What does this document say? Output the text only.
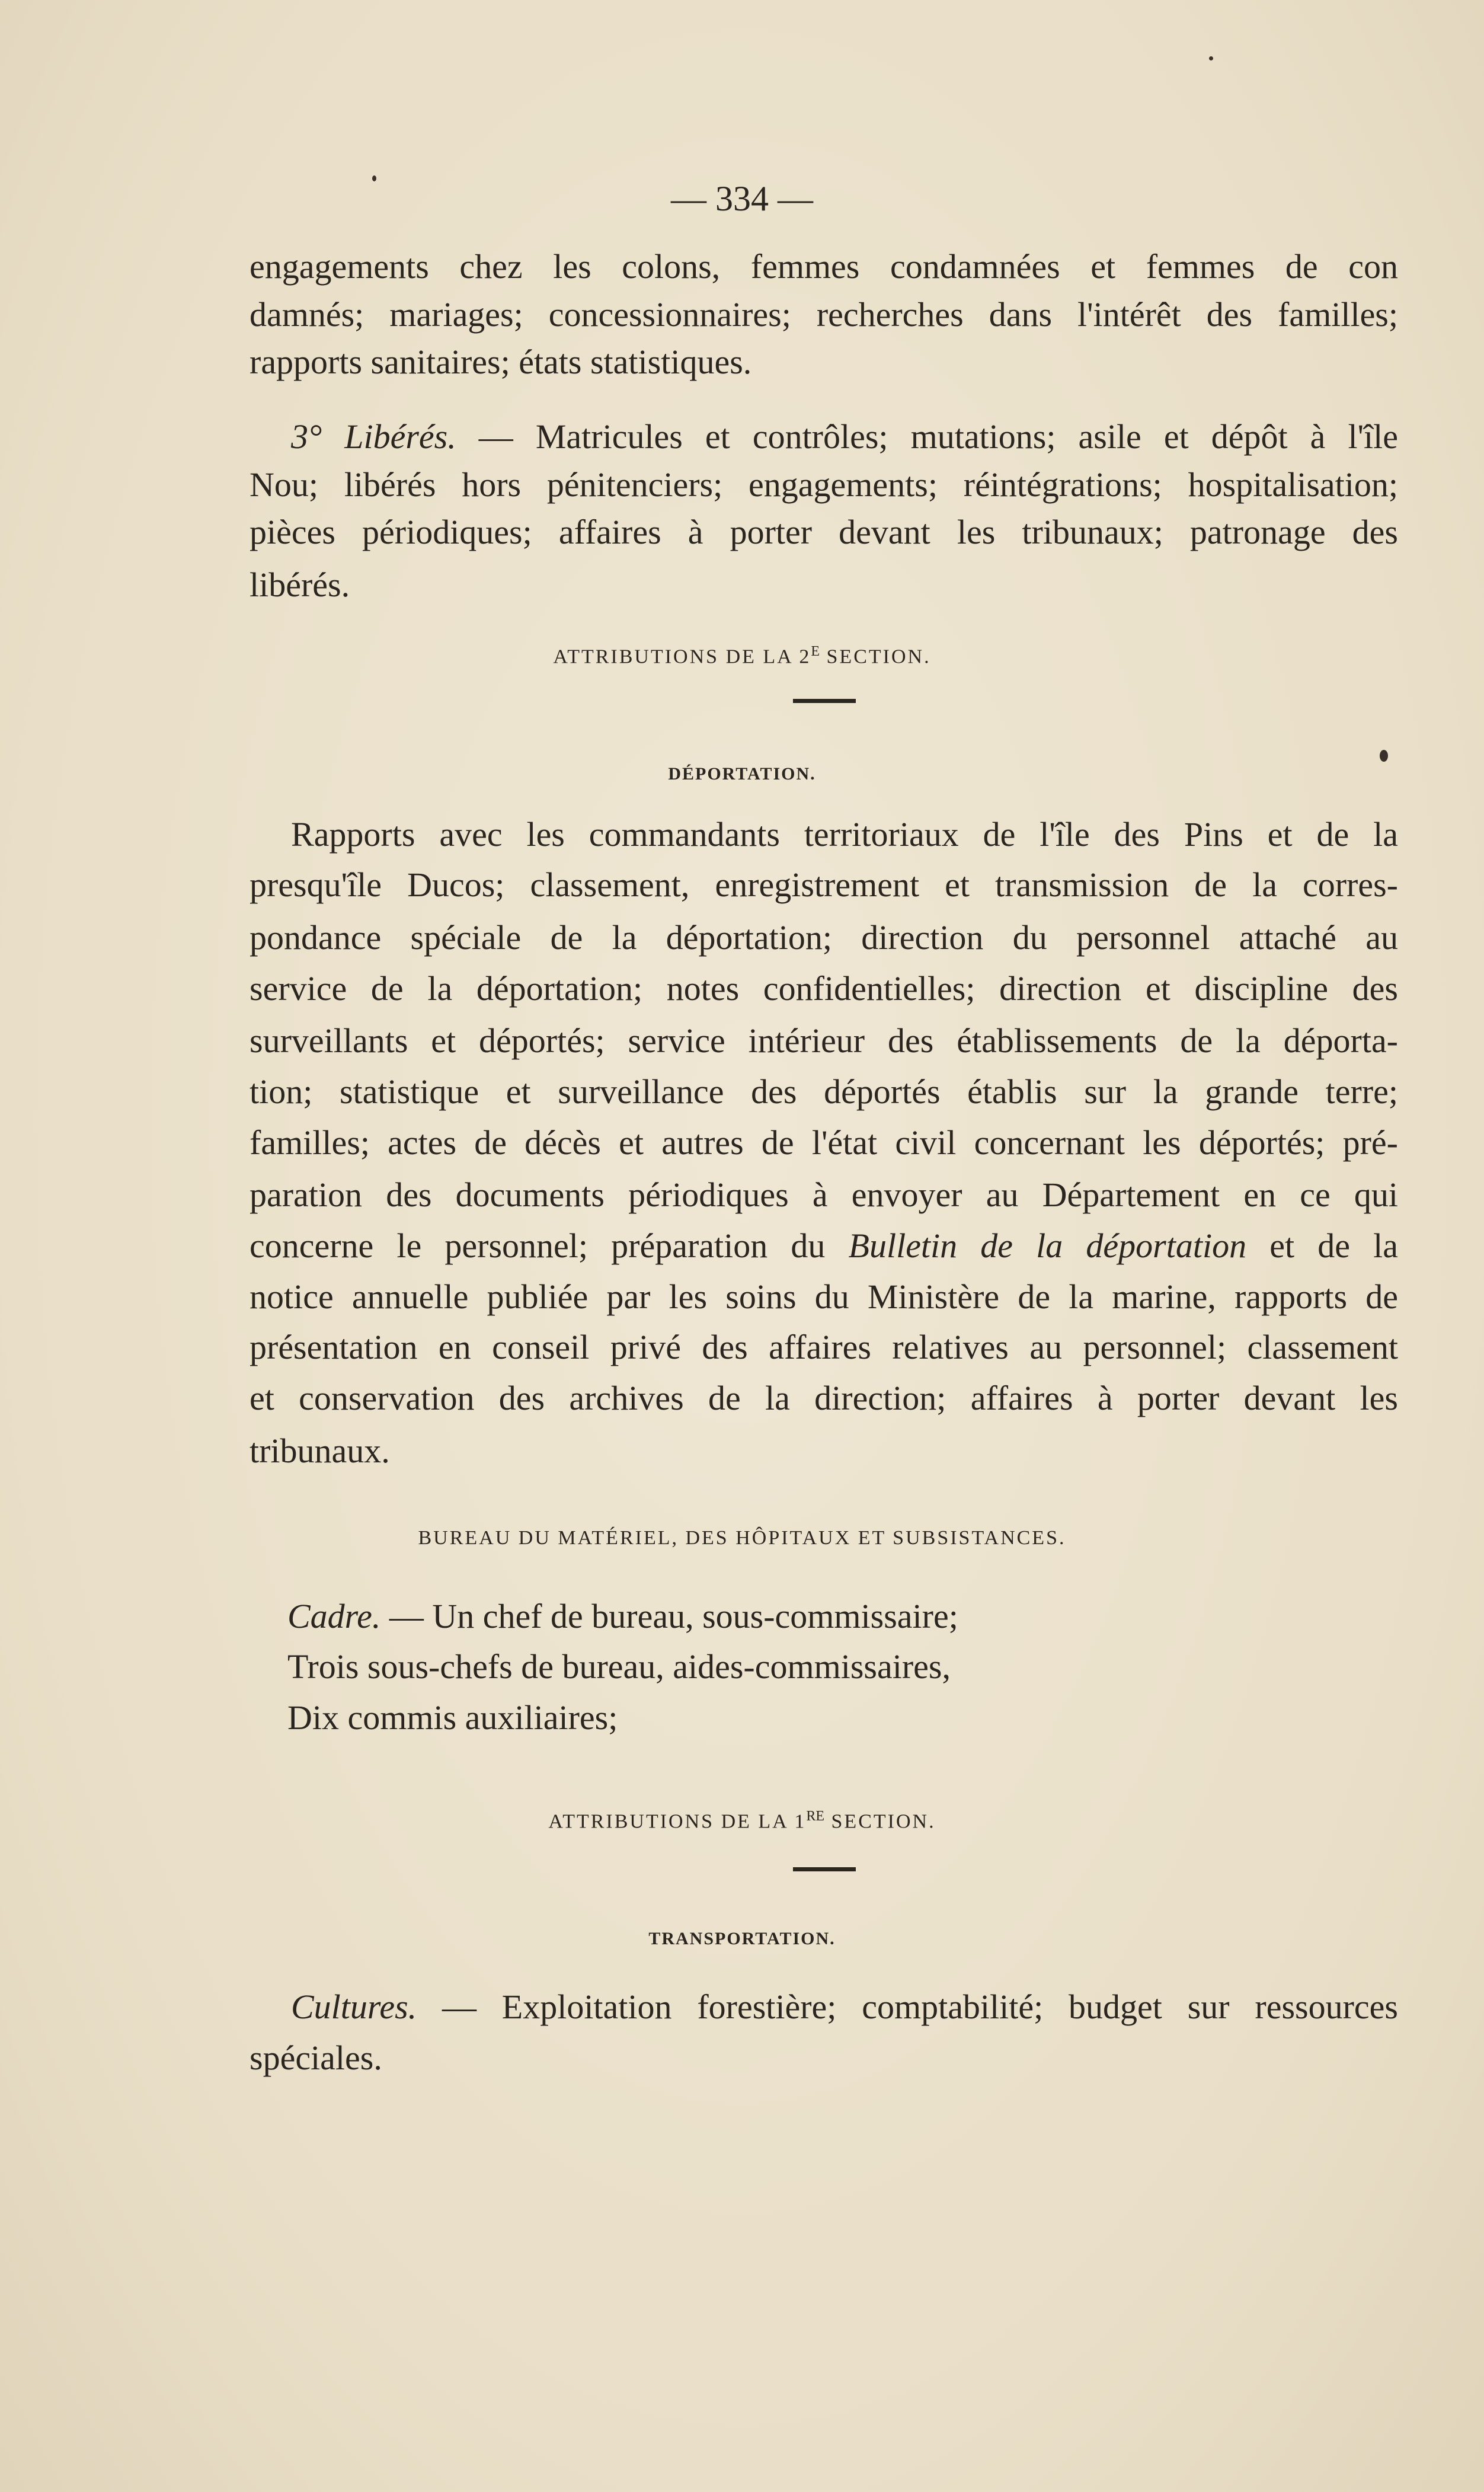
— 334 —
engagements chez les colons, femmes condamnées et femmes de con
damnés; mariages; concessionnaires; recherches dans l'intérêt des familles;
rapports sanitaires; états statistiques.
3° Libérés. — Matricules et contrôles; mutations; asile et dépôt à l'île
Nou; libérés hors pénitenciers; engagements; réintégrations; hospitalisation;
pièces périodiques; affaires à porter devant les tribunaux; patronage des
libérés.
ATTRIBUTIONS DE LA $2^E$ SECTION.
DÉPORTATION.
Rapports avec les commandants territoriaux de l'île des Pins et de la
presqu'île Ducos; classement, enregistrement et transmission de la corres-
pondance spéciale de la déportation; direction du personnel attaché au
service de la déportation; notes confidentielles; direction et discipline des
surveillants et déportés; service intérieur des établissements de la déporta-
tion; statistique et surveillance des déportés établis sur la grande terre;
familles; actes de décès et autres de l'état civil concernant les déportés; pré-
paration des documents périodiques à envoyer au Département en ce qui
concerne le personnel; préparation du Bulletin de la déportation et de la
notice annuelle publiée par les soins du Ministère de la marine, rapports de
présentation en conseil privé des affaires relatives au personnel; classement
et conservation des archives de la direction; affaires à porter devant les
tribunaux.
BUREAU DU MATÉRIEL, DES HÔPITAUX ET SUBSISTANCES.
Cadre. — Un chef de bureau, sous-commissaire;
Trois sous-chefs de bureau, aides-commissaires,
Dix commis auxiliaires;
ATTRIBUTIONS DE LA 1RE SECTION.
TRANSPORTATION.
Cultures. — Exploitation forestière; comptabilité; budget sur ressources
spéciales.
